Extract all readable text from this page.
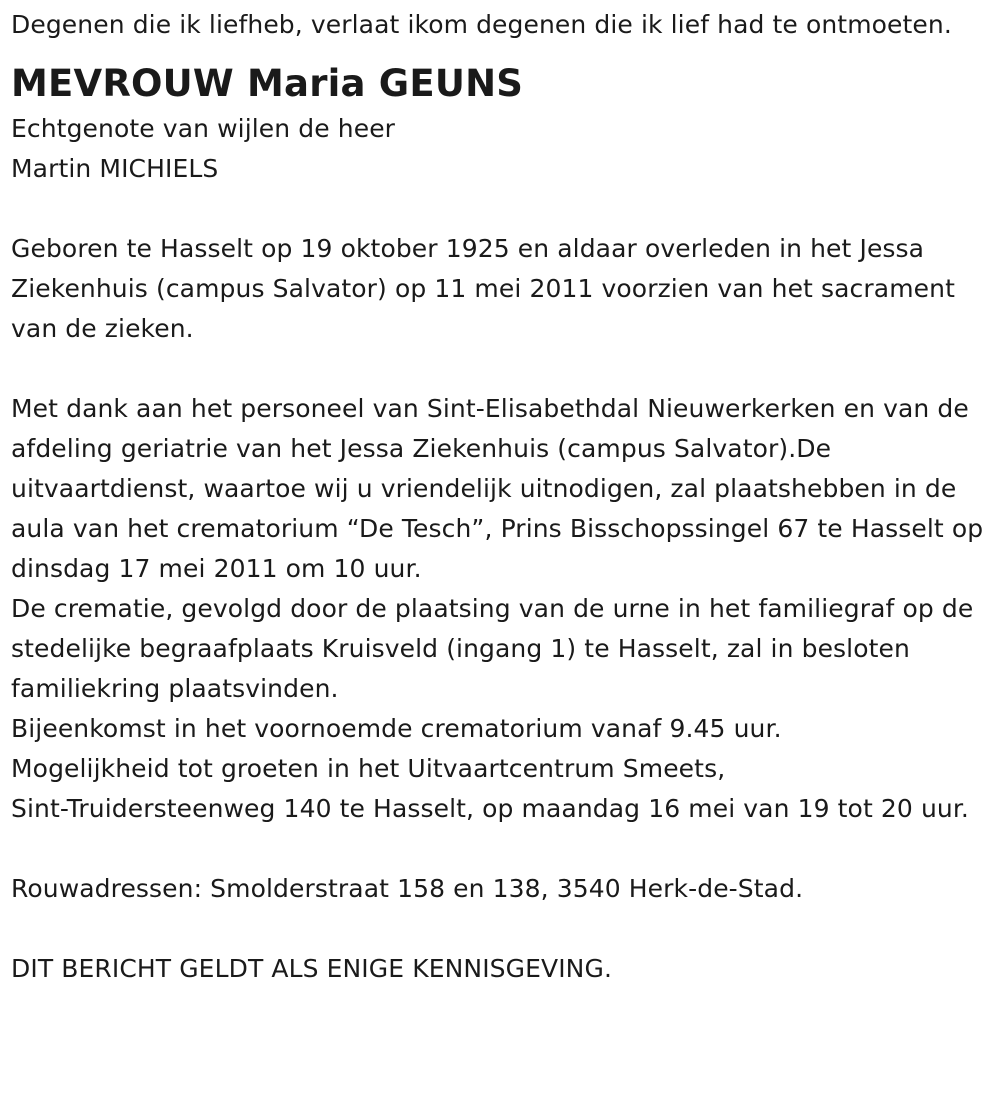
Degenen die ik liefheb, verlaat ikom degenen die ik lief had te ontmoeten.

MEVROUW Maria GEUNS

Echtgenote van wijlen de heer
Martin MICHIELS

Geboren te Hasselt op 19 oktober 1925 en aldaar overleden in het Jessa Ziekenhuis (campus Salvator) op 11 mei 2011 voorzien van het sacrament van de zieken.

Met dank aan het personeel van Sint-Elisabethdal Nieuwerkerken en van de afdeling geriatrie van het Jessa Ziekenhuis (campus Salvator).De uitvaartdienst, waartoe wij u vriendelijk uitnodigen, zal plaatshebben in de aula van het crematorium “De Tesch”, Prins Bisschopssingel 67 te Hasselt op dinsdag 17 mei 2011 om 10 uur.

De crematie, gevolgd door de plaatsing van de urne in het familiegraf op de stedelijke begraafplaats Kruisveld (ingang 1) te Hasselt, zal in besloten familiekring plaatsvinden.

Bijeenkomst in het voornoemde crematorium vanaf 9.45 uur.

Mogelijkheid tot groeten in het Uitvaartcentrum Smeets,
Sint-Truidersteenweg 140 te Hasselt, op maandag 16 mei van 19 tot 20 uur.

Rouwadressen: Smolderstraat 158 en 138, 3540 Herk-de-Stad.

DIT BERICHT GELDT ALS ENIGE KENNISGEVING.
